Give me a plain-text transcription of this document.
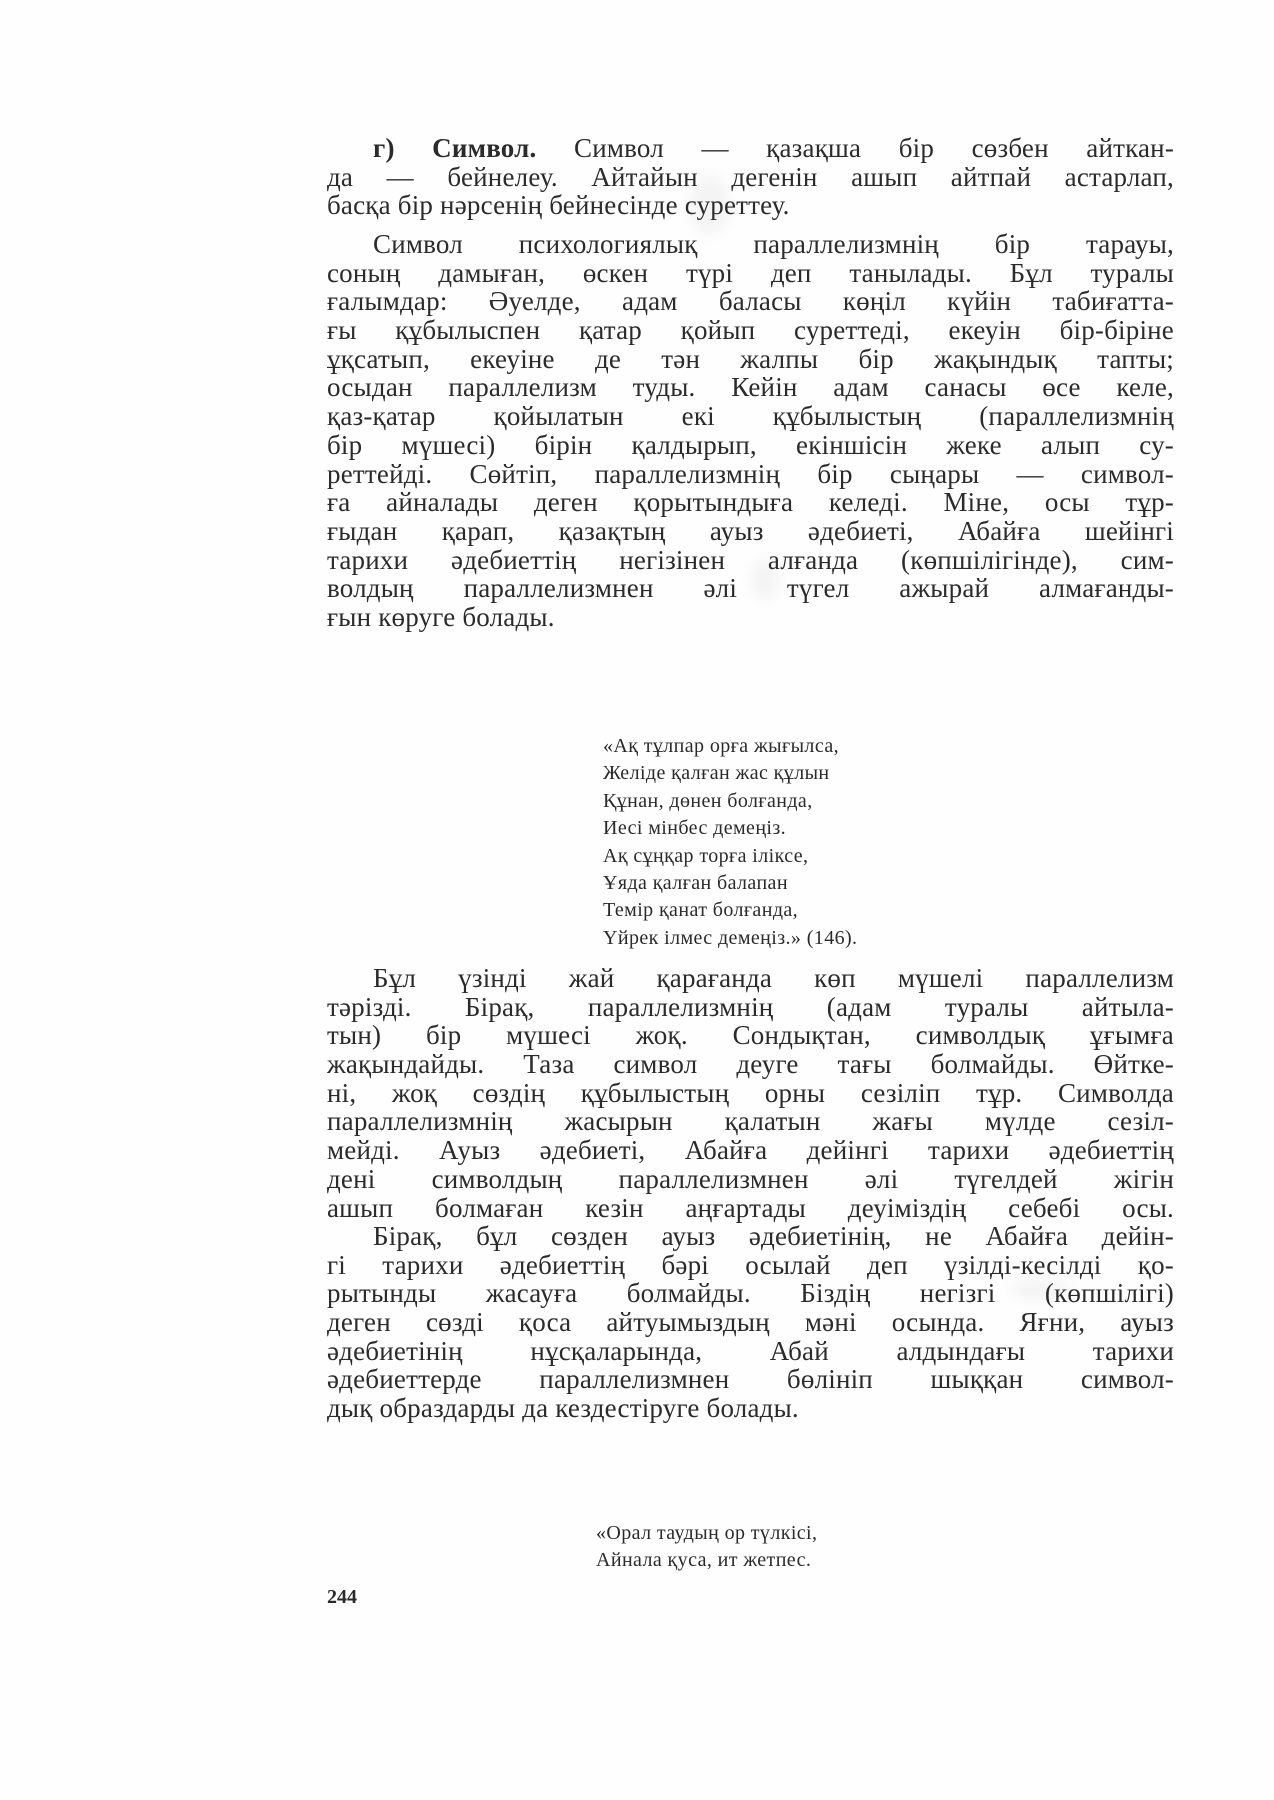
г) Символ. Символ — қазақша бір сөзбен айткан-
да — бейнелеу. Айтайын дегенін ашып айтпай астарлап,
басқа бір нәрсенің бейнесінде суреттеу.
Символ психологиялық параллелизмнің бір тарауы,
соның дамыған, өскен түрі деп танылады. Бұл туралы
ғалымдар: Әуелде, адам баласы көңіл күйін табиғатта-
ғы құбылыспен қатар қойып суреттеді, екеуін бір-біріне
ұқсатып, екеуіне де тән жалпы бір жақындық тапты;
осыдан параллелизм туды. Кейін адам санасы өсе келе,
қаз-қатар қойылатын екі құбылыстың (параллелизмнің
бір мүшесі) бірін қалдырып, екіншісін жеке алып су-
реттейді. Сөйтіп, параллелизмнің бір сыңары — символ-
ға айналады деген қорытындыға келеді. Міне, осы тұр-
ғыдан қарап, қазақтың ауыз әдебиеті, Абайға шейінгі
тарихи әдебиеттің негізінен алғанда (көпшілігінде), сим-
волдың параллелизмнен әлі түгел ажырай алмағанды-
ғын көруге болады.
«Ақ тұлпар орға жығылса,
Желіде қалған жас құлын
Құнан, дөнен болғанда,
Иесі мінбес демеңіз.
Ақ сұңқар торға ілiксе,
Ұяда қалған балапан
Темір қанат болғанда,
Үйрек ілмес демеңіз.» (146).
Бұл үзінді жай қарағанда көп мүшелі параллелизм
тәрізді. Бірақ, параллелизмнің (адам туралы айтыла-
тын) бір мүшесі жоқ. Сондықтан, символдық ұғымға
жақындайды. Таза символ деуге тағы болмайды. Өйтке-
ні, жоқ сөздің құбылыстың орны сезіліп тұр. Символда
параллелизмнің жасырын қалатын жағы мүлде сезіл-
мейді. Ауыз әдебиеті, Абайға дейінгі тарихи әдебиеттің
дені символдың параллелизмнен әлі түгелдей жігін
ашып болмаған кезін аңғартады деуіміздің себебі осы.
Бірақ, бұл сөзден ауыз әдебиетінің, не Абайға дейін-
гі тарихи әдебиеттің бәрі осылай деп үзілді-кесілді қо-
рытынды жасауға болмайды. Біздің негізгі (көпшілігі)
деген сөзді қоса айтуымыздың мәні осында. Яғни, ауыз
әдебиетінің нұсқаларында, Абай алдындағы тарихи
әдебиеттерде параллелизмнен бөлініп шыққан символ-
дық образдарды да кездестіруге болады.
«Орал таудың ор түлкісі,
Айнала қуса, ит жетпес.
244
